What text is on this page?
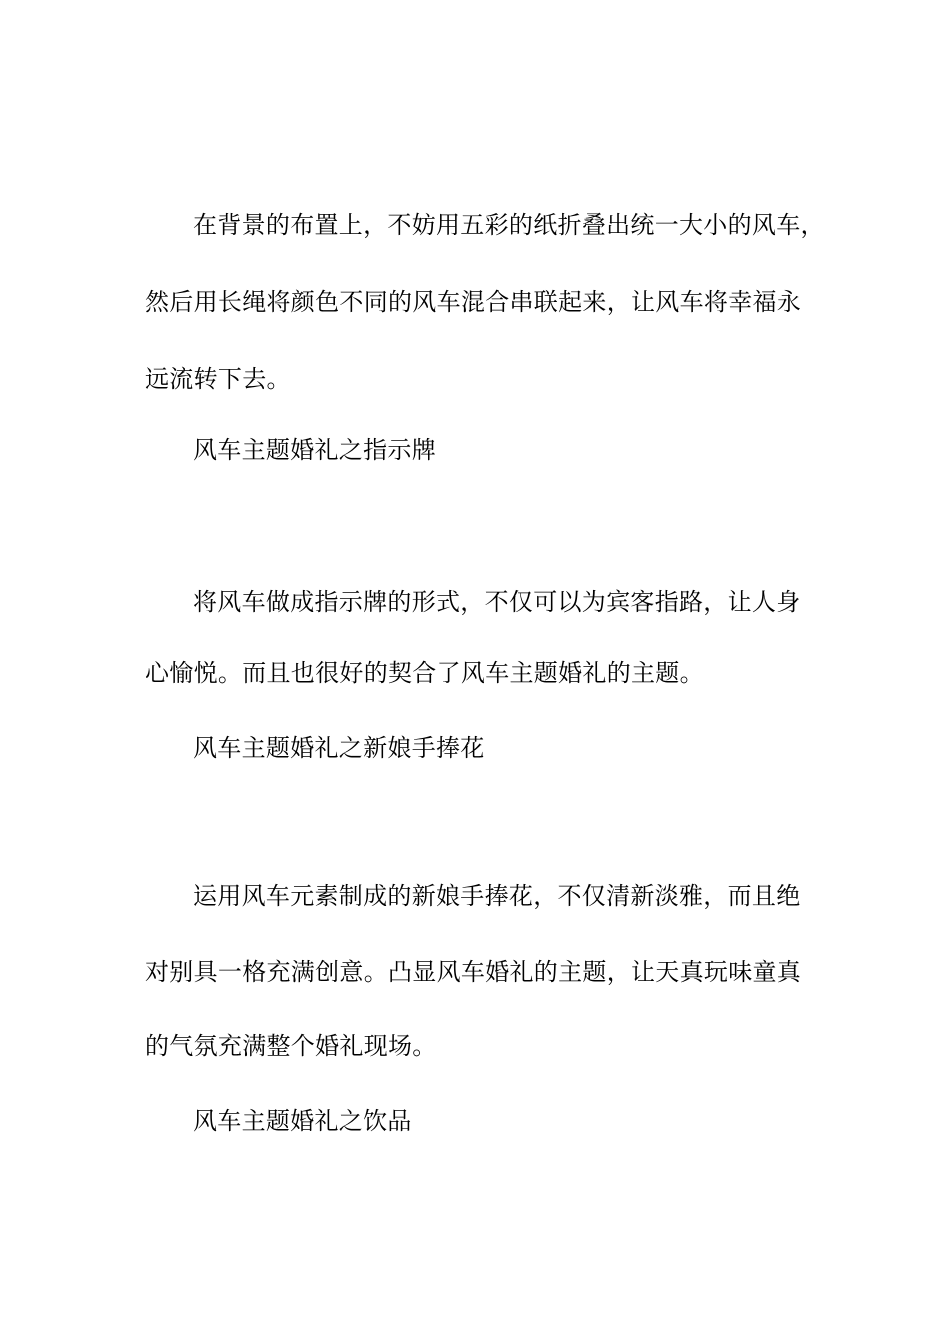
在背景的布置上，不妨用五彩的纸折叠出统一大小的风车，
然后用长绳将颜色不同的风车混合串联起来，让风车将幸福永
远流转下去。
风车主题婚礼之指示牌
将风车做成指示牌的形式，不仅可以为宾客指路，让人身
心愉悦。而且也很好的契合了风车主题婚礼的主题。
风车主题婚礼之新娘手捧花
运用风车元素制成的新娘手捧花，不仅清新淡雅，而且绝
对别具一格充满创意。凸显风车婚礼的主题，让天真玩味童真
的气氛充满整个婚礼现场。
风车主题婚礼之饮品
